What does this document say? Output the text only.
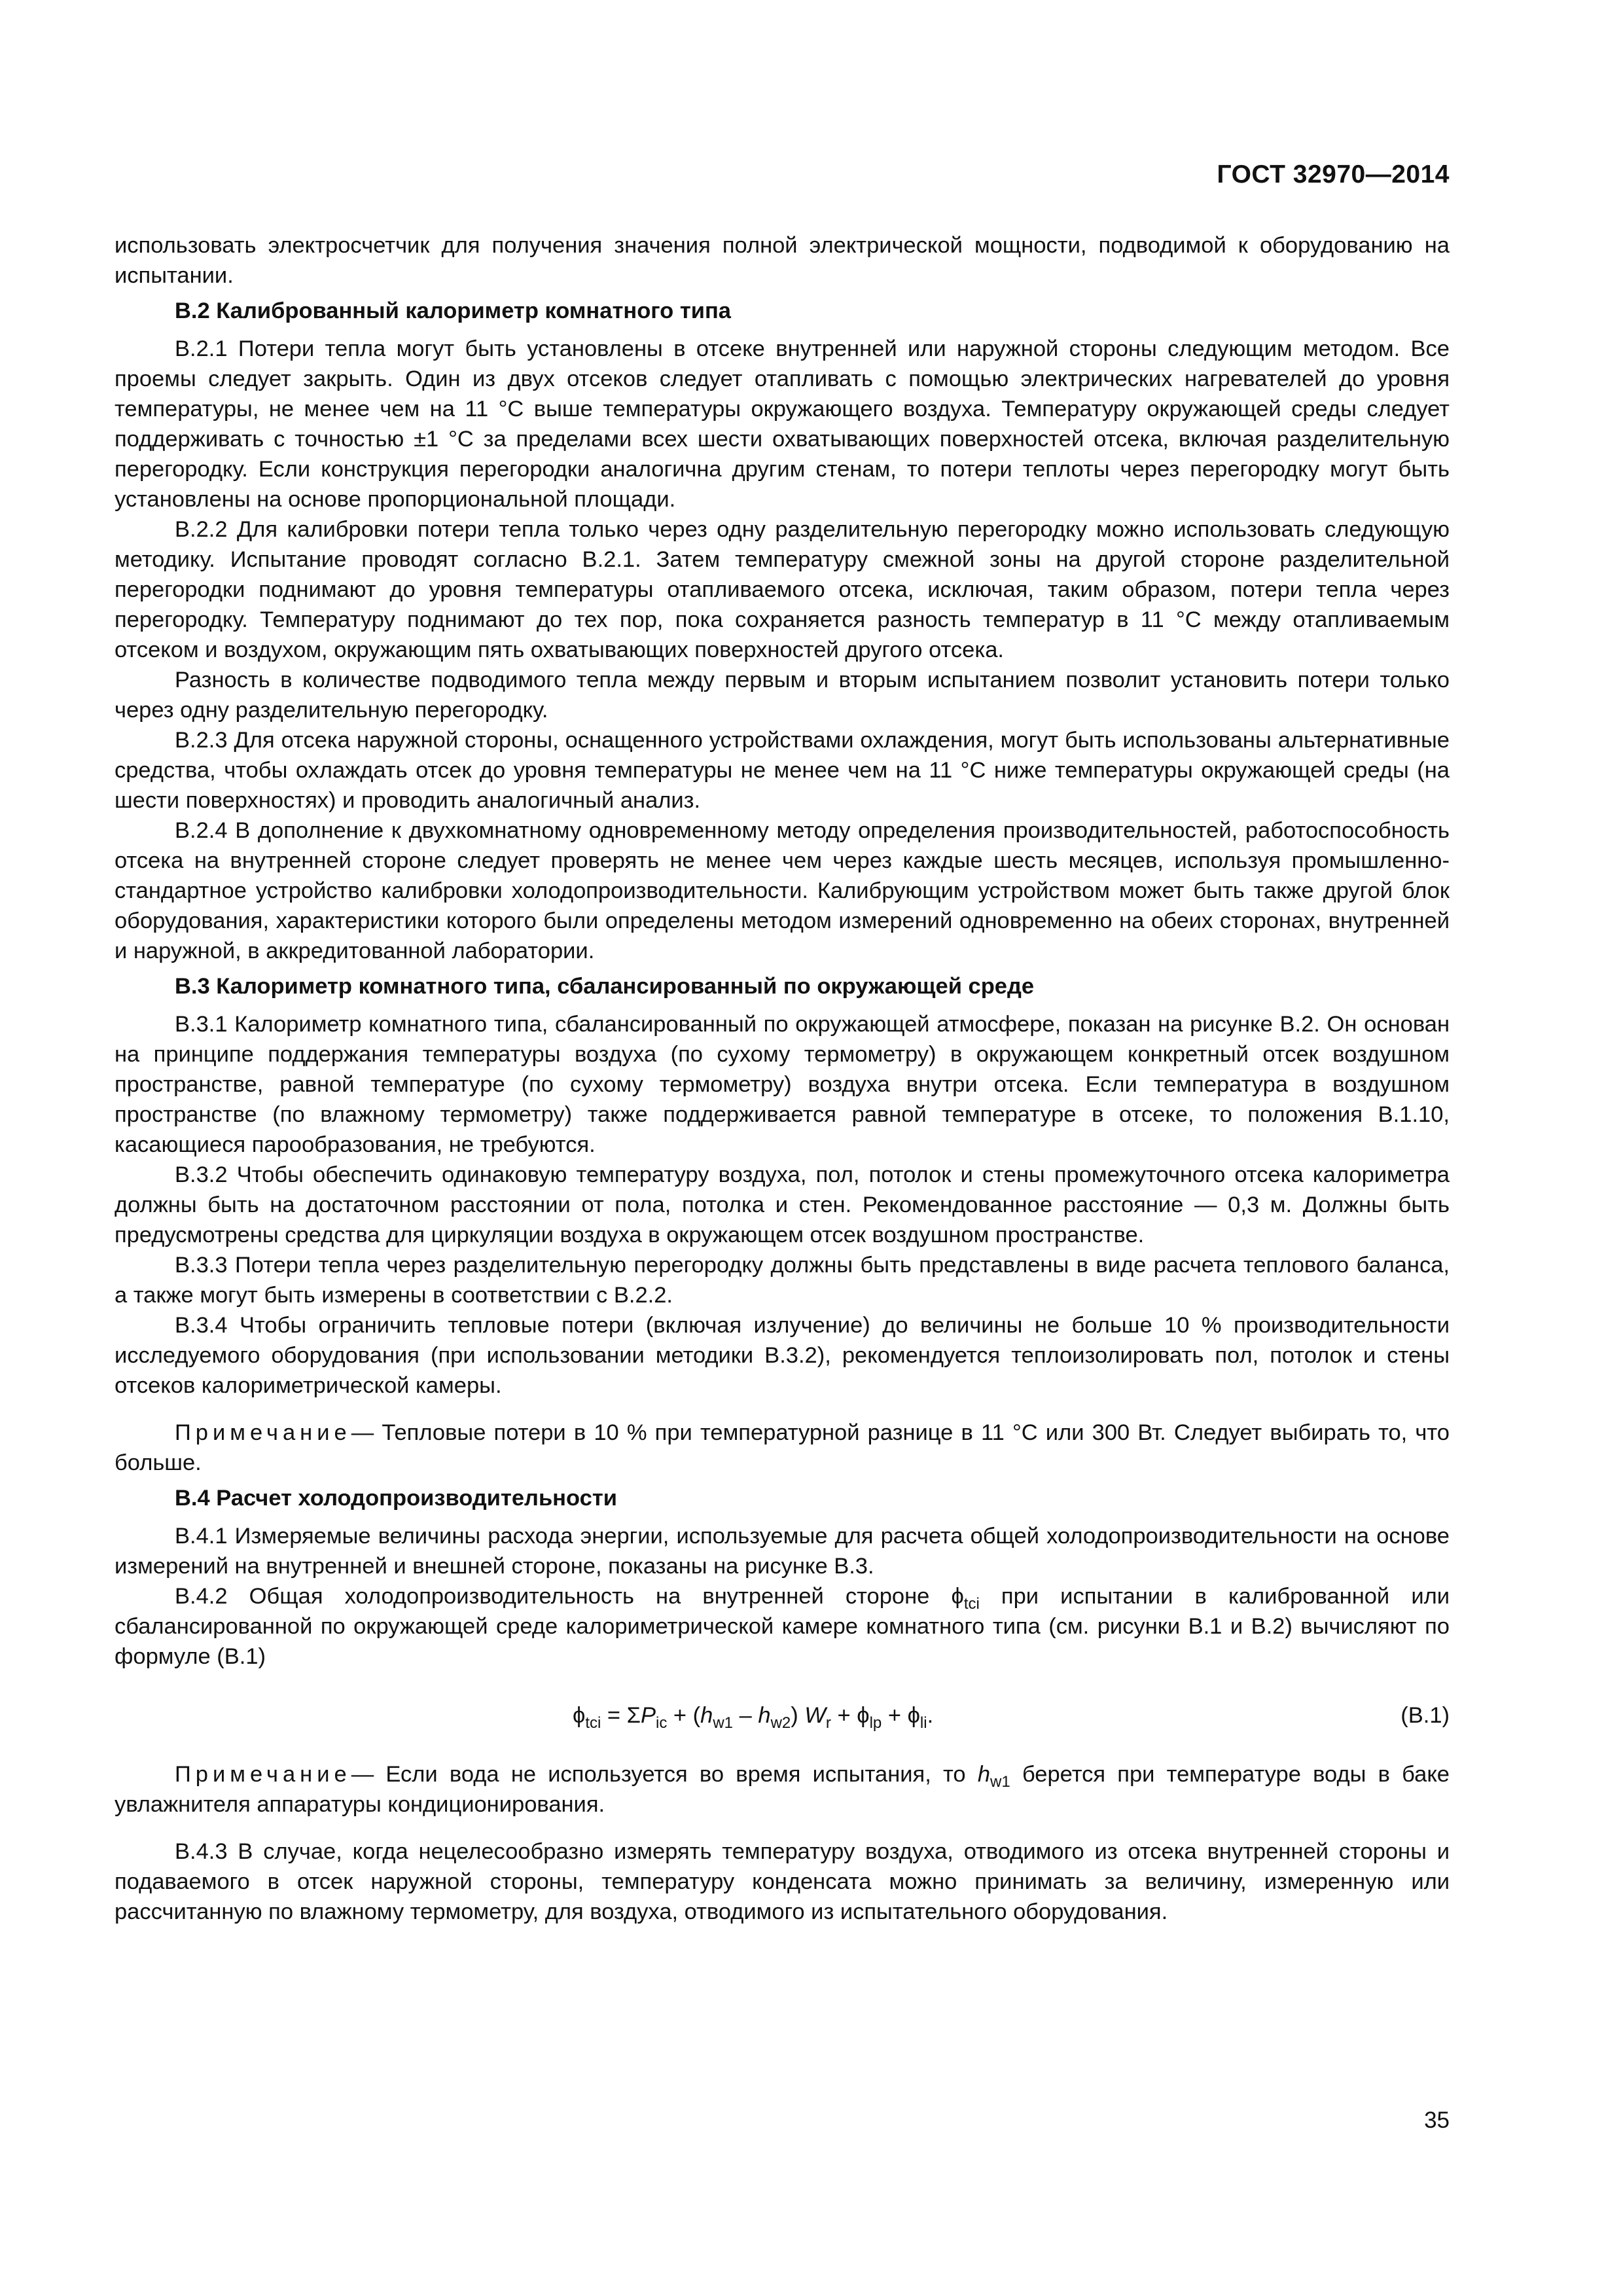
ГОСТ 32970—2014

использовать электросчетчик для получения значения полной электрической мощности, подводимой к оборудованию на испытании.

В.2 Калиброванный калориметр комнатного типа

В.2.1 Потери тепла могут быть установлены в отсеке внутренней или наружной стороны следующим методом. Все проемы следует закрыть. Один из двух отсеков следует отапливать с помощью электрических нагревателей до уровня температуры, не менее чем на 11 °С выше температуры окружающего воздуха. Температуру окружающей среды следует поддерживать с точностью ±1 °С за пределами всех шести охватывающих поверхностей отсека, включая разделительную перегородку. Если конструкция перегородки аналогична другим стенам, то потери теплоты через перегородку могут быть установлены на основе пропорциональной площади.

В.2.2 Для калибровки потери тепла только через одну разделительную перегородку можно использовать следующую методику. Испытание проводят согласно В.2.1. Затем температуру смежной зоны на другой стороне разделительной перегородки поднимают до уровня температуры отапливаемого отсека, исключая, таким образом, потери тепла через перегородку. Температуру поднимают до тех пор, пока сохраняется разность температур в 11 °С между отапливаемым отсеком и воздухом, окружающим пять охватывающих поверхностей другого отсека.

Разность в количестве подводимого тепла между первым и вторым испытанием позволит установить потери только через одну разделительную перегородку.

В.2.3 Для отсека наружной стороны, оснащенного устройствами охлаждения, могут быть использованы альтернативные средства, чтобы охлаждать отсек до уровня температуры не менее чем на 11 °С ниже температуры окружающей среды (на шести поверхностях) и проводить аналогичный анализ.

В.2.4 В дополнение к двухкомнатному одновременному методу определения производительностей, работоспособность отсека на внутренней стороне следует проверять не менее чем через каждые шесть месяцев, используя промышленно-стандартное устройство калибровки холодопроизводительности. Калибрующим устройством может быть также другой блок оборудования, характеристики которого были определены методом измерений одновременно на обеих сторонах, внутренней и наружной, в аккредитованной лаборатории.

В.3 Калориметр комнатного типа, сбалансированный по окружающей среде

В.3.1 Калориметр комнатного типа, сбалансированный по окружающей атмосфере, показан на рисунке В.2. Он основан на принципе поддержания температуры воздуха (по сухому термометру) в окружающем конкретный отсек воздушном пространстве, равной температуре (по сухому термометру) воздуха внутри отсека. Если температура в воздушном пространстве (по влажному термометру) также поддерживается равной температуре в отсеке, то положения В.1.10, касающиеся парообразования, не требуются.

В.3.2 Чтобы обеспечить одинаковую температуру воздуха, пол, потолок и стены промежуточного отсека калориметра должны быть на достаточном расстоянии от пола, потолка и стен. Рекомендованное расстояние — 0,3 м. Должны быть предусмотрены средства для циркуляции воздуха в окружающем отсек воздушном пространстве.

В.3.3 Потери тепла через разделительную перегородку должны быть представлены в виде расчета теплового баланса, а также могут быть измерены в соответствии с В.2.2.

В.3.4 Чтобы ограничить тепловые потери (включая излучение) до величины не больше 10 % производительности исследуемого оборудования (при использовании методики В.3.2), рекомендуется теплоизолировать пол, потолок и стены отсеков калориметрической камеры.

Примечание— Тепловые потери в 10 % при температурной разнице в 11 °С или 300 Вт. Следует выбирать то, что больше.

В.4 Расчет холодопроизводительности

В.4.1 Измеряемые величины расхода энергии, используемые для расчета общей холодопроизводительности на основе измерений на внутренней и внешней стороне, показаны на рисунке В.3.

В.4.2 Общая холодопроизводительность на внутренней стороне $\phi_{tci}$ при испытании в калиброванной или сбалансированной по окружающей среде калориметрической камере комнатного типа (см. рисунки В.1 и В.2) вычисляют по формуле (В.1)

$\phi_{tci} = \Sigma P_{ic} + (h_{w1} - h_{w2}) W_r + \phi_{lp} + \phi_{li}$.	(В.1)

Примечание— Если вода не используется во время испытания, то $h_{w1}$ берется при температуре воды в баке увлажнителя аппаратуры кондиционирования.

В.4.3 В случае, когда нецелесообразно измерять температуру воздуха, отводимого из отсека внутренней стороны и подаваемого в отсек наружной стороны, температуру конденсата можно принимать за величину, измеренную или рассчитанную по влажному термометру, для воздуха, отводимого из испытательного оборудования.

35
